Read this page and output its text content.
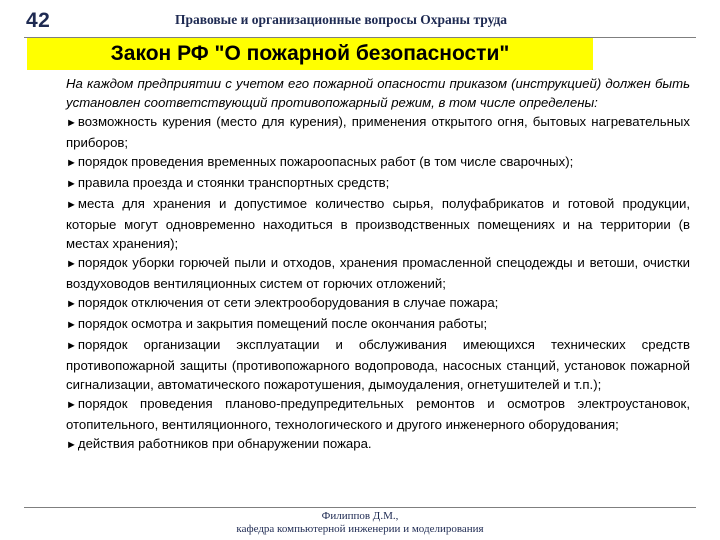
42	Правовые и организационные вопросы Охраны труда
Закон РФ "О пожарной безопасности"

На каждом предприятии с учетом его пожарной опасности приказом (инструкцией) должен быть установлен соответствующий противопожарный режим, в том числе определены:

►возможность курения (место для курения), применения открытого огня, бытовых нагревательных приборов;
►порядок проведения временных пожароопасных работ (в том числе сварочных);
►правила проезда и стоянки транспортных средств;
►места для хранения и допустимое количество сырья, полуфабрикатов и готовой продукции, которые могут одновременно находиться в производственных помещениях и на территории (в местах хранения);
►порядок уборки горючей пыли и отходов, хранения промасленной спецодежды и ветоши, очистки воздуховодов вентиляционных систем от горючих отложений;
►порядок отключения от сети электрооборудования в случае пожара;
►порядок осмотра и закрытия помещений после окончания работы;
►порядок организации эксплуатации и обслуживания имеющихся технических средств противопожарной защиты (противопожарного водопровода, насосных станций, установок пожарной сигнализации, автоматического пожаротушения, дымоудаления, огнетушителей и т.п.);
►порядок проведения планово-предупредительных ремонтов и осмотров электроустановок, отопительного, вентиляционного, технологического и другого инженерного оборудования;
►действия работников при обнаружении пожара.
Филиппов Д.М.,
кафедра компьютерной инженерии и моделирования
